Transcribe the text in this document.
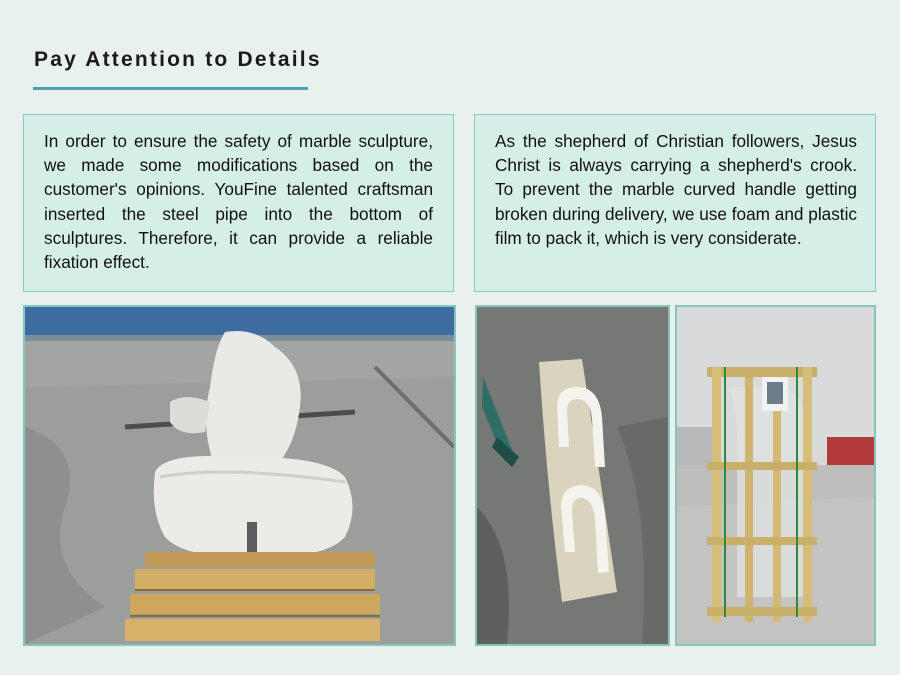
Pay Attention to Details
In order to ensure the safety of marble sculpture, we made some modifications based on the customer's opinions. YouFine talented craftsman inserted the steel pipe into the bottom of sculptures. Therefore, it can provide a reliable fixation effect.
As the shepherd of Christian followers, Jesus Christ is always carrying a shepherd's crook. To prevent the marble curved handle getting broken during delivery, we use foam and plastic film to pack it, which is very considerate.
